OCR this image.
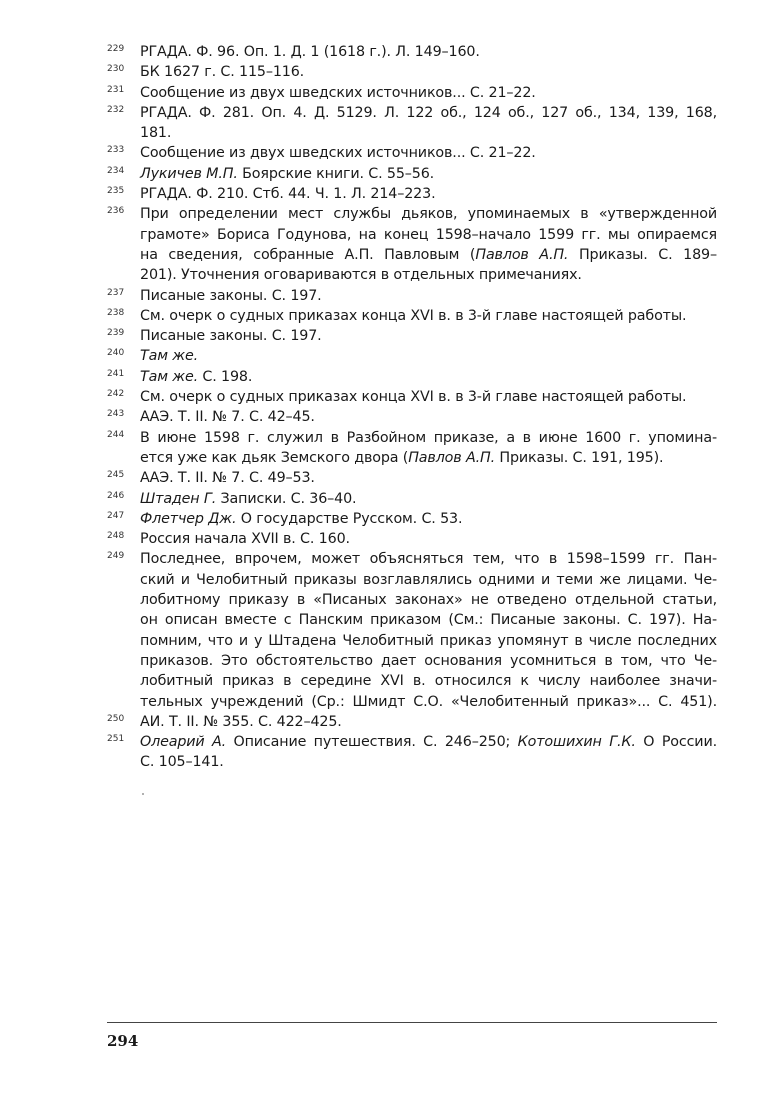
229 РГАДА. Ф. 96. Оп. 1. Д. 1 (1618 г.). Л. 149–160.
230 БК 1627 г. С. 115–116.
231 Сообщение из двух шведских источников... С. 21–22.
232 РГАДА. Ф. 281. Оп. 4. Д. 5129. Л. 122 об., 124 об., 127 об., 134, 139, 168,
181.
233 Сообщение из двух шведских источников... С. 21–22.
234 Лукичев М.П. Боярские книги. С. 55–56.
235 РГАДА. Ф. 210. Стб. 44. Ч. 1. Л. 214–223.
236 При определении мест службы дьяков, упоминаемых в «утвержденной
грамоте» Бориса Годунова, на конец 1598–начало 1599 гг. мы опираемся
на сведения, собранные А.П. Павловым (Павлов А.П. Приказы. С. 189–
201). Уточнения оговариваются в отдельных примечаниях.
237 Писаные законы. С. 197.
238 См. очерк о судных приказах конца XVI в. в 3-й главе настоящей работы.
239 Писаные законы. С. 197.
240 Там же.
241 Там же. С. 198.
242 См. очерк о судных приказах конца XVI в. в 3-й главе настоящей работы.
243 ААЭ. Т. II. № 7. С. 42–45.
244 В июне 1598 г. служил в Разбойном приказе, а в июне 1600 г. упомина-
ется уже как дьяк Земского двора (Павлов А.П. Приказы. С. 191, 195).
245 ААЭ. Т. II. № 7. С. 49–53.
246 Штаден Г. Записки. С. 36–40.
247 Флетчер Дж. О государстве Русском. С. 53.
248 Россия начала XVII в. С. 160.
249 Последнее, впрочем, может объясняться тем, что в 1598–1599 гг. Пан-
ский и Челобитный приказы возглавлялись одними и теми же лицами. Че-
лобитному приказу в «Писаных законах» не отведено отдельной статьи,
он описан вместе с Панским приказом (См.: Писаные законы. С. 197). На-
помним, что и у Штадена Челобитный приказ упомянут в числе последних
приказов. Это обстоятельство дает основания усомниться в том, что Че-
лобитный приказ в середине XVI в. относился к числу наиболее значи-
тельных учреждений (Ср.: Шмидт С.О. «Челобитенный приказ»... С. 451).
250 АИ. Т. II. № 355. С. 422–425.
251 Олеарий А. Описание путешествия. С. 246–250; Котошихин Г.К. О России.
С. 105–141.
294
